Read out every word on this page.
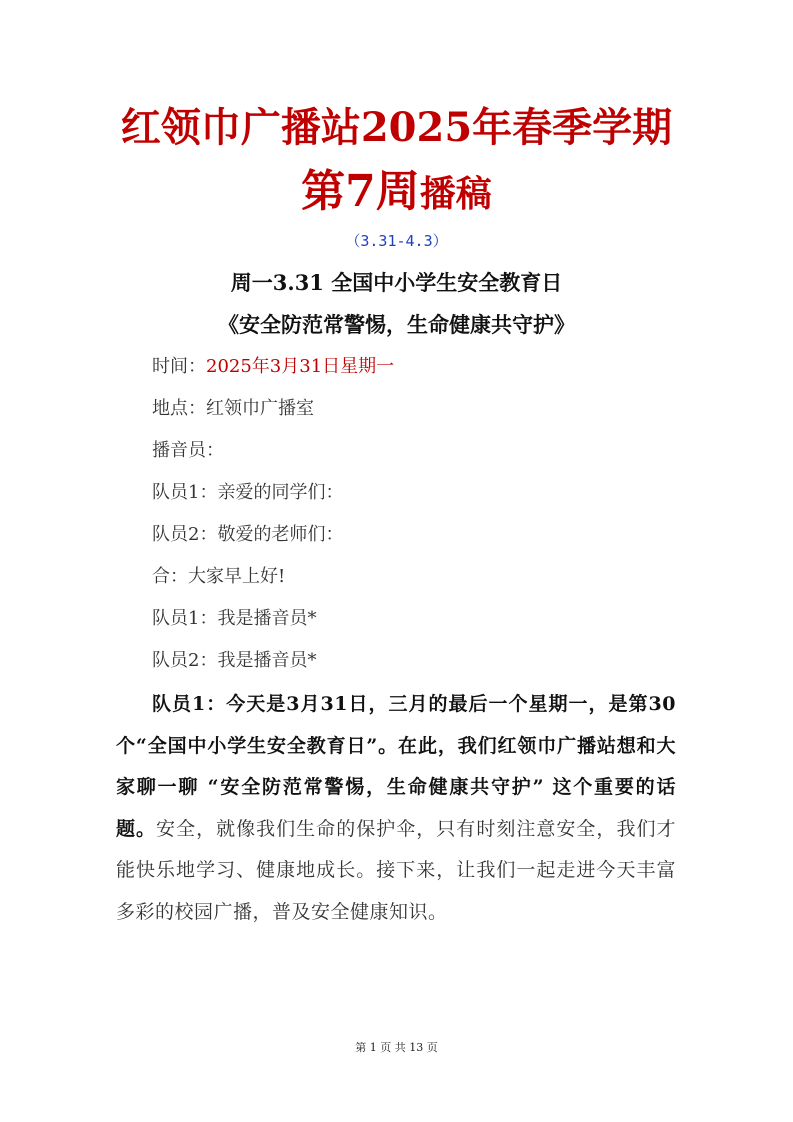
红领巾广播站2025年春季学期
第7周播稿
（3.31-4.3）
周一3.31 全国中小学生安全教育日
《安全防范常警惕，生命健康共守护》
时间：2025年3月31日星期一
地点：红领巾广播室
播音员：
队员1：亲爱的同学们：
队员2：敬爱的老师们：
合：大家早上好!
队员1：我是播音员*
队员2：我是播音员*
队员1：今天是3月31日，三月的最后一个星期一，是第30个“全国中小学生安全教育日”。在此，我们红领巾广播站想和大家聊一聊 “安全防范常警惕，生命健康共守护” 这个重要的话题。安全，就像我们生命的保护伞，只有时刻注意安全，我们才能快乐地学习、健康地成长。接下来，让我们一起走进今天丰富多彩的校园广播，普及安全健康知识。
第 1 页 共 13 页
